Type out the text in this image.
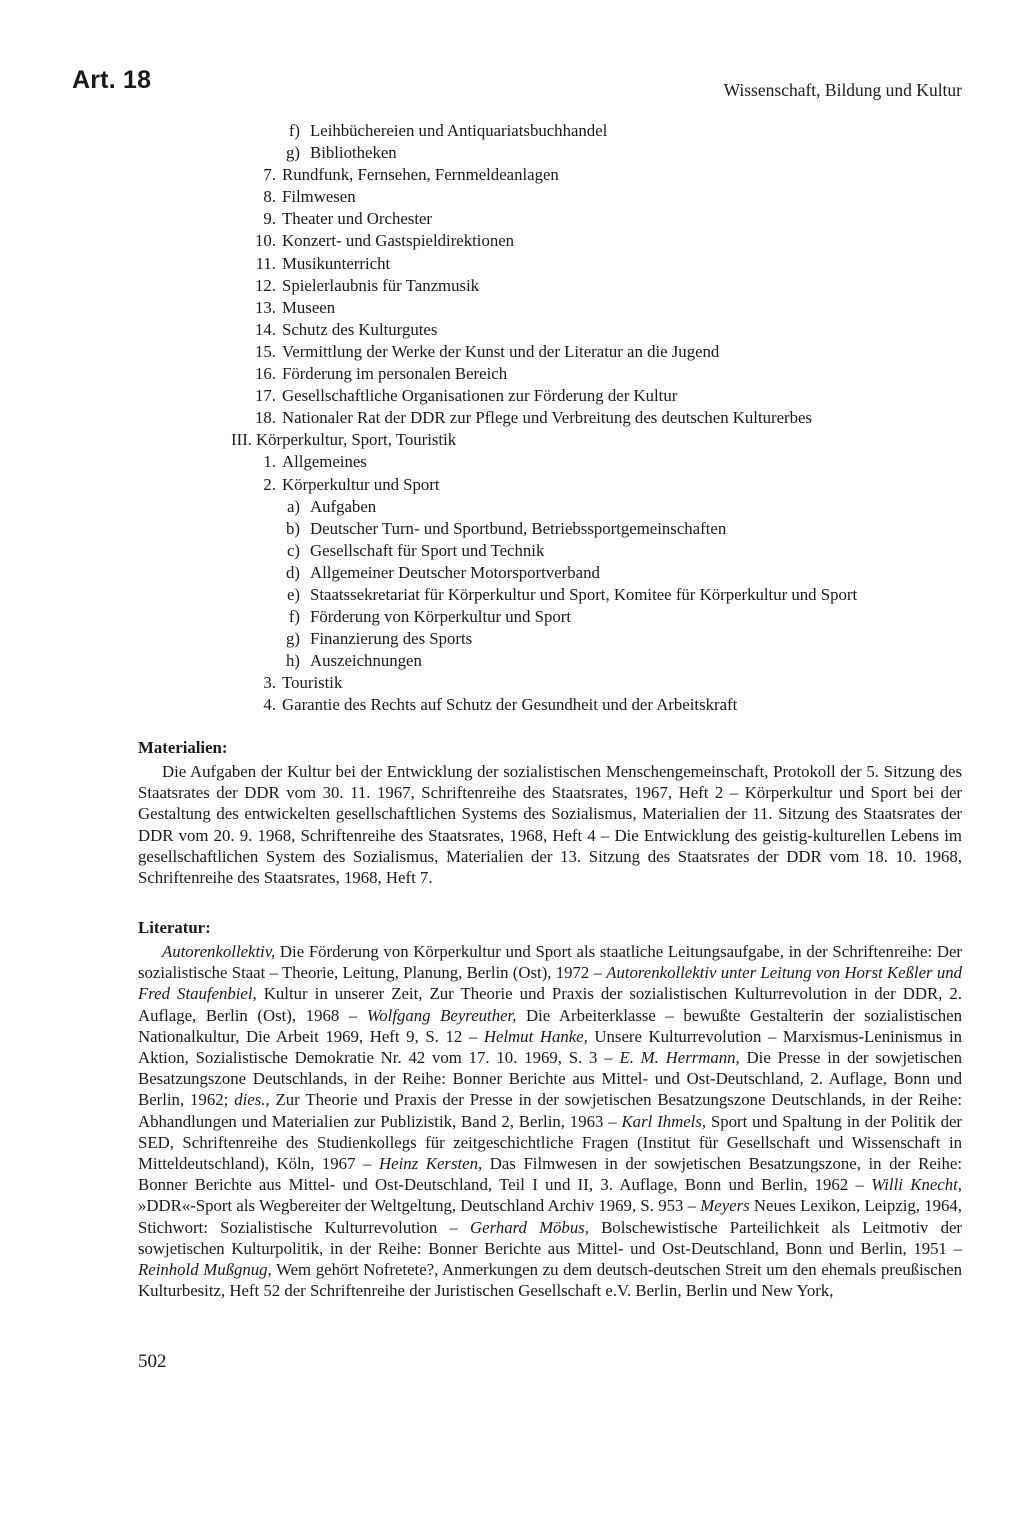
Art. 18	Wissenschaft, Bildung und Kultur
f) Leihbüchereien und Antiquariatsbuchhandel
g) Bibliotheken
7. Rundfunk, Fernsehen, Fernmeldeanlagen
8. Filmwesen
9. Theater und Orchester
10. Konzert- und Gastspieldirektionen
11. Musikunterricht
12. Spielerlaubnis für Tanzmusik
13. Museen
14. Schutz des Kulturgutes
15. Vermittlung der Werke der Kunst und der Literatur an die Jugend
16. Förderung im personalen Bereich
17. Gesellschaftliche Organisationen zur Förderung der Kultur
18. Nationaler Rat der DDR zur Pflege und Verbreitung des deutschen Kulturerbes
III. Körperkultur, Sport, Touristik
1. Allgemeines
2. Körperkultur und Sport
a) Aufgaben
b) Deutscher Turn- und Sportbund, Betriebssportgemeinschaften
c) Gesellschaft für Sport und Technik
d) Allgemeiner Deutscher Motorsportverband
e) Staatssekretariat für Körperkultur und Sport, Komitee für Körperkultur und Sport
f) Förderung von Körperkultur und Sport
g) Finanzierung des Sports
h) Auszeichnungen
3. Touristik
4. Garantie des Rechts auf Schutz der Gesundheit und der Arbeitskraft
Materialien:

Die Aufgaben der Kultur bei der Entwicklung der sozialistischen Menschengemeinschaft, Protokoll der 5. Sitzung des Staatsrates der DDR vom 30. 11. 1967, Schriftenreihe des Staatsrates, 1967, Heft 2 – Körperkultur und Sport bei der Gestaltung des entwickelten gesellschaftlichen Systems des Sozialismus, Materialien der 11. Sitzung des Staatsrates der DDR vom 20. 9. 1968, Schriftenreihe des Staatsrates, 1968, Heft 4 – Die Entwicklung des geistig-kulturellen Lebens im gesellschaftlichen System des Sozialismus, Materialien der 13. Sitzung des Staatsrates der DDR vom 18. 10. 1968, Schriftenreihe des Staatsrates, 1968, Heft 7.

Literatur:

Autorenkollektiv, Die Förderung von Körperkultur und Sport als staatliche Leitungsaufgabe, in der Schriftenreihe: Der sozialistische Staat – Theorie, Leitung, Planung, Berlin (Ost), 1972 – Autorenkollektiv unter Leitung von Horst Keßler und Fred Staufenbiel, Kultur in unserer Zeit, Zur Theorie und Praxis der sozialistischen Kulturrevolution in der DDR, 2. Auflage, Berlin (Ost), 1968 – Wolfgang Beyreuther, Die Arbeiterklasse – bewußte Gestalterin der sozialistischen Nationalkultur, Die Arbeit 1969, Heft 9, S. 12 – Helmut Hanke, Unsere Kulturrevolution – Marxismus-Leninismus in Aktion, Sozialistische Demokratie Nr. 42 vom 17. 10. 1969, S. 3 – E. M. Herrmann, Die Presse in der sowjetischen Besatzungszone Deutschlands, in der Reihe: Bonner Berichte aus Mittel- und Ost-Deutschland, 2. Auflage, Bonn und Berlin, 1962; dies., Zur Theorie und Praxis der Presse in der sowjetischen Besatzungszone Deutschlands, in der Reihe: Abhandlungen und Materialien zur Publizistik, Band 2, Berlin, 1963 – Karl Ihmels, Sport und Spaltung in der Politik der SED, Schriftenreihe des Studienkollegs für zeitgeschichtliche Fragen (Institut für Gesellschaft und Wissenschaft in Mitteldeutschland), Köln, 1967 – Heinz Kersten, Das Filmwesen in der sowjetischen Besatzungszone, in der Reihe: Bonner Berichte aus Mittel- und Ost-Deutschland, Teil I und II, 3. Auflage, Bonn und Berlin, 1962 – Willi Knecht, »DDR«-Sport als Wegbereiter der Weltgeltung, Deutschland Archiv 1969, S. 953 – Meyers Neues Lexikon, Leipzig, 1964, Stichwort: Sozialistische Kulturrevolution – Gerhard Möbus, Bolschewistische Parteilichkeit als Leitmotiv der sowjetischen Kulturpolitik, in der Reihe: Bonner Berichte aus Mittel- und Ost-Deutschland, Bonn und Berlin, 1951 – Reinhold Mußgnug, Wem gehört Nofretete?, Anmerkungen zu dem deutsch-deutschen Streit um den ehemals preußischen Kulturbesitz, Heft 52 der Schriftenreihe der Juristischen Gesellschaft e.V. Berlin, Berlin und New York,

502
